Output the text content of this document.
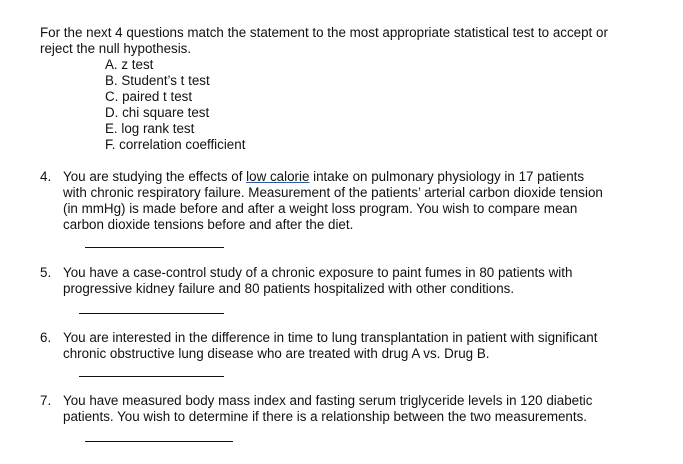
For the next 4 questions match the statement to the most appropriate statistical test to accept or
reject the null hypothesis.
A. z test
B. Student’s t test
C. paired t test
D. chi square test
E. log rank test
F. correlation coefficient
4. You are studying the effects of low calorie intake on pulmonary physiology in 17 patients
with chronic respiratory failure. Measurement of the patients’ arterial carbon dioxide tension
(in mmHg) is made before and after a weight loss program. You wish to compare mean
carbon dioxide tensions before and after the diet.
5. You have a case-control study of a chronic exposure to paint fumes in 80 patients with
progressive kidney failure and 80 patients hospitalized with other conditions.
6. You are interested in the difference in time to lung transplantation in patient with significant
chronic obstructive lung disease who are treated with drug A vs. Drug B.
7. You have measured body mass index and fasting serum triglyceride levels in 120 diabetic
patients. You wish to determine if there is a relationship between the two measurements.
